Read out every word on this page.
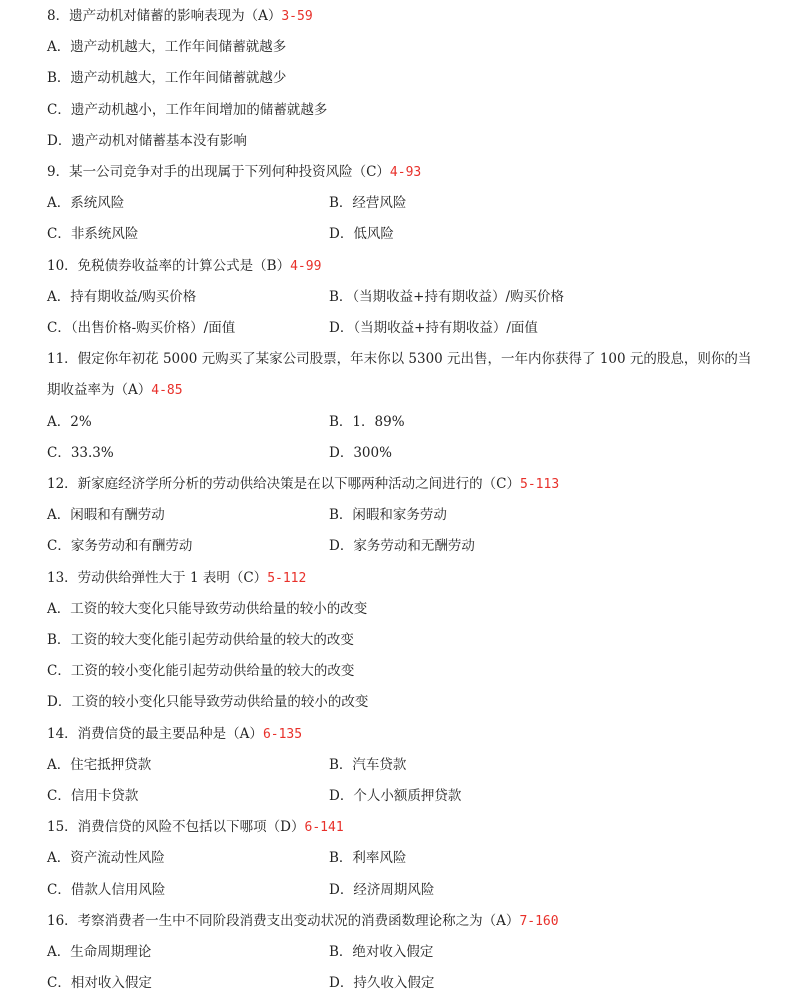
8．遗产动机对储蓄的影响表现为（A）3-59
A．遗产动机越大，工作年间储蓄就越多
B．遗产动机越大，工作年间储蓄就越少
C．遗产动机越小，工作年间增加的储蓄就越多
D．遗产动机对储蓄基本没有影响
9．某一公司竞争对手的出现属于下列何种投资风险（C）4-93
A．系统风险	B．经营风险
C．非系统风险	D．低风险
10．免税债券收益率的计算公式是（B）4-99
A．持有期收益/购买价格	B．（当期收益+持有期收益）/购买价格
C．（出售价格-购买价格）/面值	D．（当期收益+持有期收益）/面值
11．假定你年初花 5000 元购买了某家公司股票，年末你以 5300 元出售，一年内你获得了 100 元的股息，则你的当
期收益率为（A）4-85
A．2%	B．1．89%
C．33.3%	D．300%
12．新家庭经济学所分析的劳动供给决策是在以下哪两种活动之间进行的（C）5-113
A．闲暇和有酬劳动	B．闲暇和家务劳动
C．家务劳动和有酬劳动	D．家务劳动和无酬劳动
13．劳动供给弹性大于 1 表明（C）5-112
A．工资的较大变化只能导致劳动供给量的较小的改变
B．工资的较大变化能引起劳动供给量的较大的改变
C．工资的较小变化能引起劳动供给量的较大的改变
D．工资的较小变化只能导致劳动供给量的较小的改变
14．消费信贷的最主要品种是（A）6-135
A．住宅抵押贷款	B．汽车贷款
C．信用卡贷款	D．个人小额质押贷款
15．消费信贷的风险不包括以下哪项（D）6-141
A．资产流动性风险	B．利率风险
C．借款人信用风险	D．经济周期风险
16．考察消费者一生中不同阶段消费支出变动状况的消费函数理论称之为（A）7-160
A．生命周期理论	B．绝对收入假定
C．相对收入假定	D．持久收入假定
